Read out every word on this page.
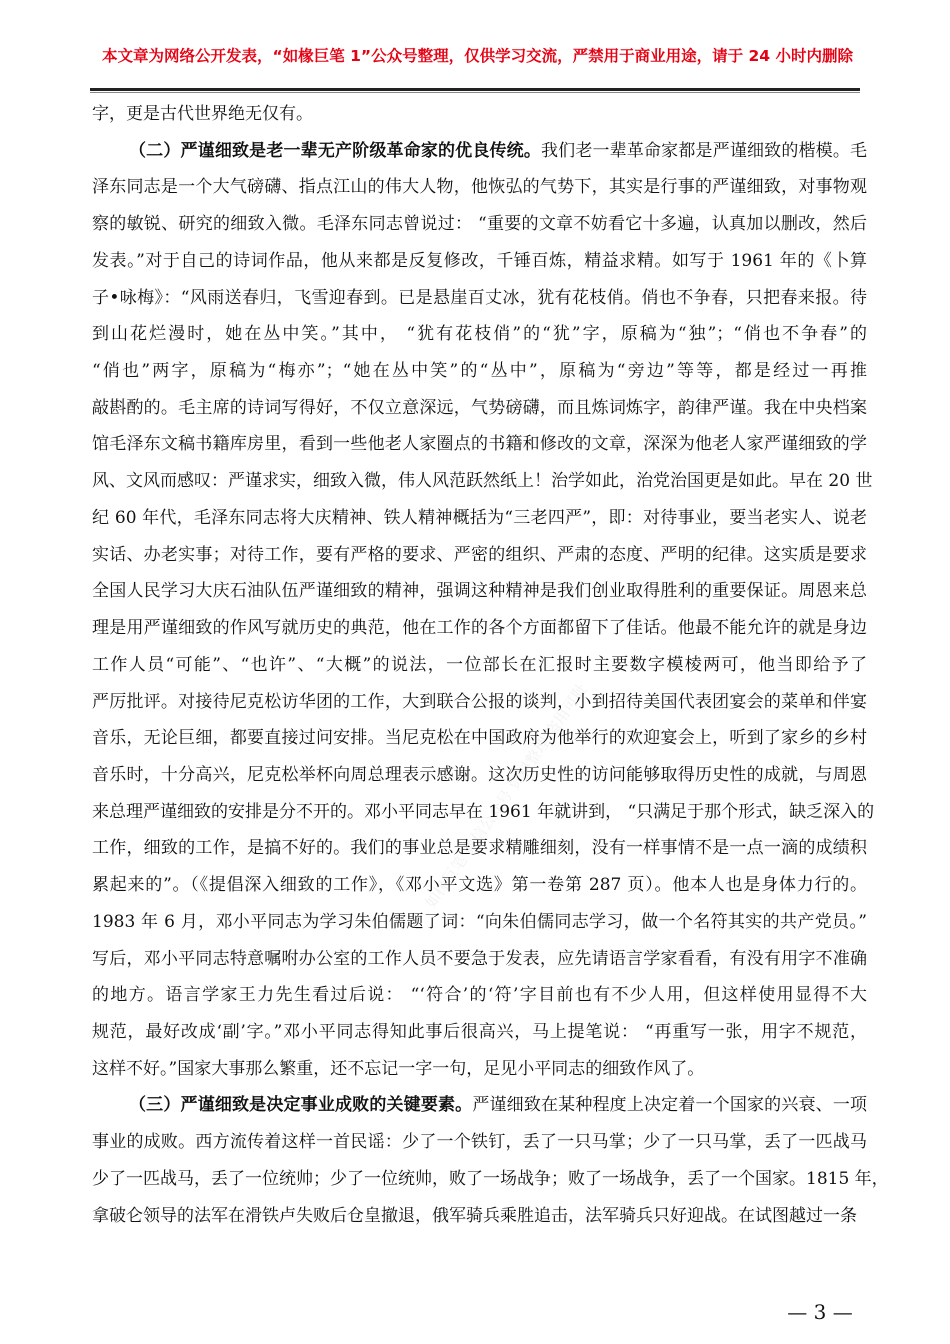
本文章为网络公开发表，“如椽巨笔 1”公众号整理，仅供学习交流，严禁用于商业用途，请于 24 小时内删除
如椽巨笔 微信公众号 资料整理 盗用可耻
字，更是古代世界绝无仅有。
（二）严谨细致是老一辈无产阶级革命家的优良传统。我们老一辈革命家都是严谨细致的楷模。毛
泽东同志是一个大气磅礴、指点江山的伟大人物，他恢弘的气势下，其实是行事的严谨细致，对事物观
察的敏锐、研究的细致入微。毛泽东同志曾说过： “重要的文章不妨看它十多遍，认真加以删改，然后
发表。”对于自己的诗词作品，他从来都是反复修改，千锤百炼，精益求精。如写于 1961 年的《卜算
子•咏梅》：“风雨送春归，飞雪迎春到。已是悬崖百丈冰，犹有花枝俏。俏也不争春，只把春来报。待
到山花烂漫时，她在丛中笑。”其中， “犹有花枝俏”的“犹”字，原稿为“独”；“俏也不争春”的
“俏也”两字，原稿为“梅亦”；“她在丛中笑”的“丛中”，原稿为“旁边”等等，都是经过一再推
敲斟酌的。毛主席的诗词写得好，不仅立意深远，气势磅礴，而且炼词炼字，韵律严谨。我在中央档案
馆毛泽东文稿书籍库房里，看到一些他老人家圈点的书籍和修改的文章，深深为他老人家严谨细致的学
风、文风而感叹：严谨求实，细致入微，伟人风范跃然纸上！治学如此，治党治国更是如此。早在 20 世
纪 60 年代，毛泽东同志将大庆精神、铁人精神概括为“三老四严”，即：对待事业，要当老实人、说老
实话、办老实事；对待工作，要有严格的要求、严密的组织、严肃的态度、严明的纪律。这实质是要求
全国人民学习大庆石油队伍严谨细致的精神，强调这种精神是我们创业取得胜利的重要保证。周恩来总
理是用严谨细致的作风写就历史的典范，他在工作的各个方面都留下了佳话。他最不能允许的就是身边
工作人员“可能”、“也许”、“大概”的说法，一位部长在汇报时主要数字模棱两可，他当即给予了
严厉批评。对接待尼克松访华团的工作，大到联合公报的谈判，小到招待美国代表团宴会的菜单和伴宴
音乐，无论巨细，都要直接过问安排。当尼克松在中国政府为他举行的欢迎宴会上，听到了家乡的乡村
音乐时，十分高兴，尼克松举杯向周总理表示感谢。这次历史性的访问能够取得历史性的成就，与周恩
来总理严谨细致的安排是分不开的。邓小平同志早在 1961 年就讲到， “只满足于那个形式，缺乏深入的
工作，细致的工作，是搞不好的。我们的事业总是要求精雕细刻，没有一样事情不是一点一滴的成绩积
累起来的”。（《提倡深入细致的工作》，《邓小平文选》第一卷第 287 页）。他本人也是身体力行的。
1983 年 6 月，邓小平同志为学习朱伯儒题了词：“向朱伯儒同志学习，做一个名符其实的共产党员。”
写后，邓小平同志特意嘱咐办公室的工作人员不要急于发表，应先请语言学家看看，有没有用字不准确
的地方。语言学家王力先生看过后说： “‘符合’的‘符’字目前也有不少人用，但这样使用显得不大
规范，最好改成‘副’字。”邓小平同志得知此事后很高兴，马上提笔说： “再重写一张，用字不规范，
这样不好。”国家大事那么繁重，还不忘记一字一句，足见小平同志的细致作风了。
（三）严谨细致是决定事业成败的关键要素。严谨细致在某种程度上决定着一个国家的兴衰、一项
事业的成败。西方流传着这样一首民谣：少了一个铁钉，丢了一只马掌；少了一只马掌，丢了一匹战马
少了一匹战马，丢了一位统帅；少了一位统帅，败了一场战争；败了一场战争，丢了一个国家。1815 年，
拿破仑领导的法军在滑铁卢失败后仓皇撤退，俄军骑兵乘胜追击，法军骑兵只好迎战。在试图越过一条
— 3 —
